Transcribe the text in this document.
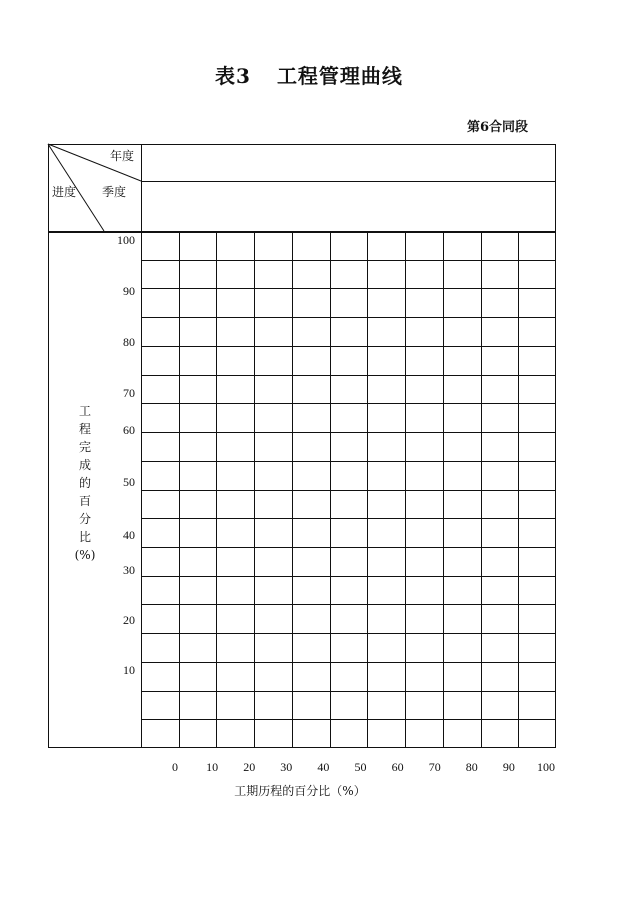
表3 工程管理曲线
第6合同段
工
程
完
成
的
百
分
比
(%)
工期历程的百分比（%）
年度
季度
进度
100
90
80
70
60
50
40
30
20
10
0	10	20	30	40	50	60	70	80	90	100
